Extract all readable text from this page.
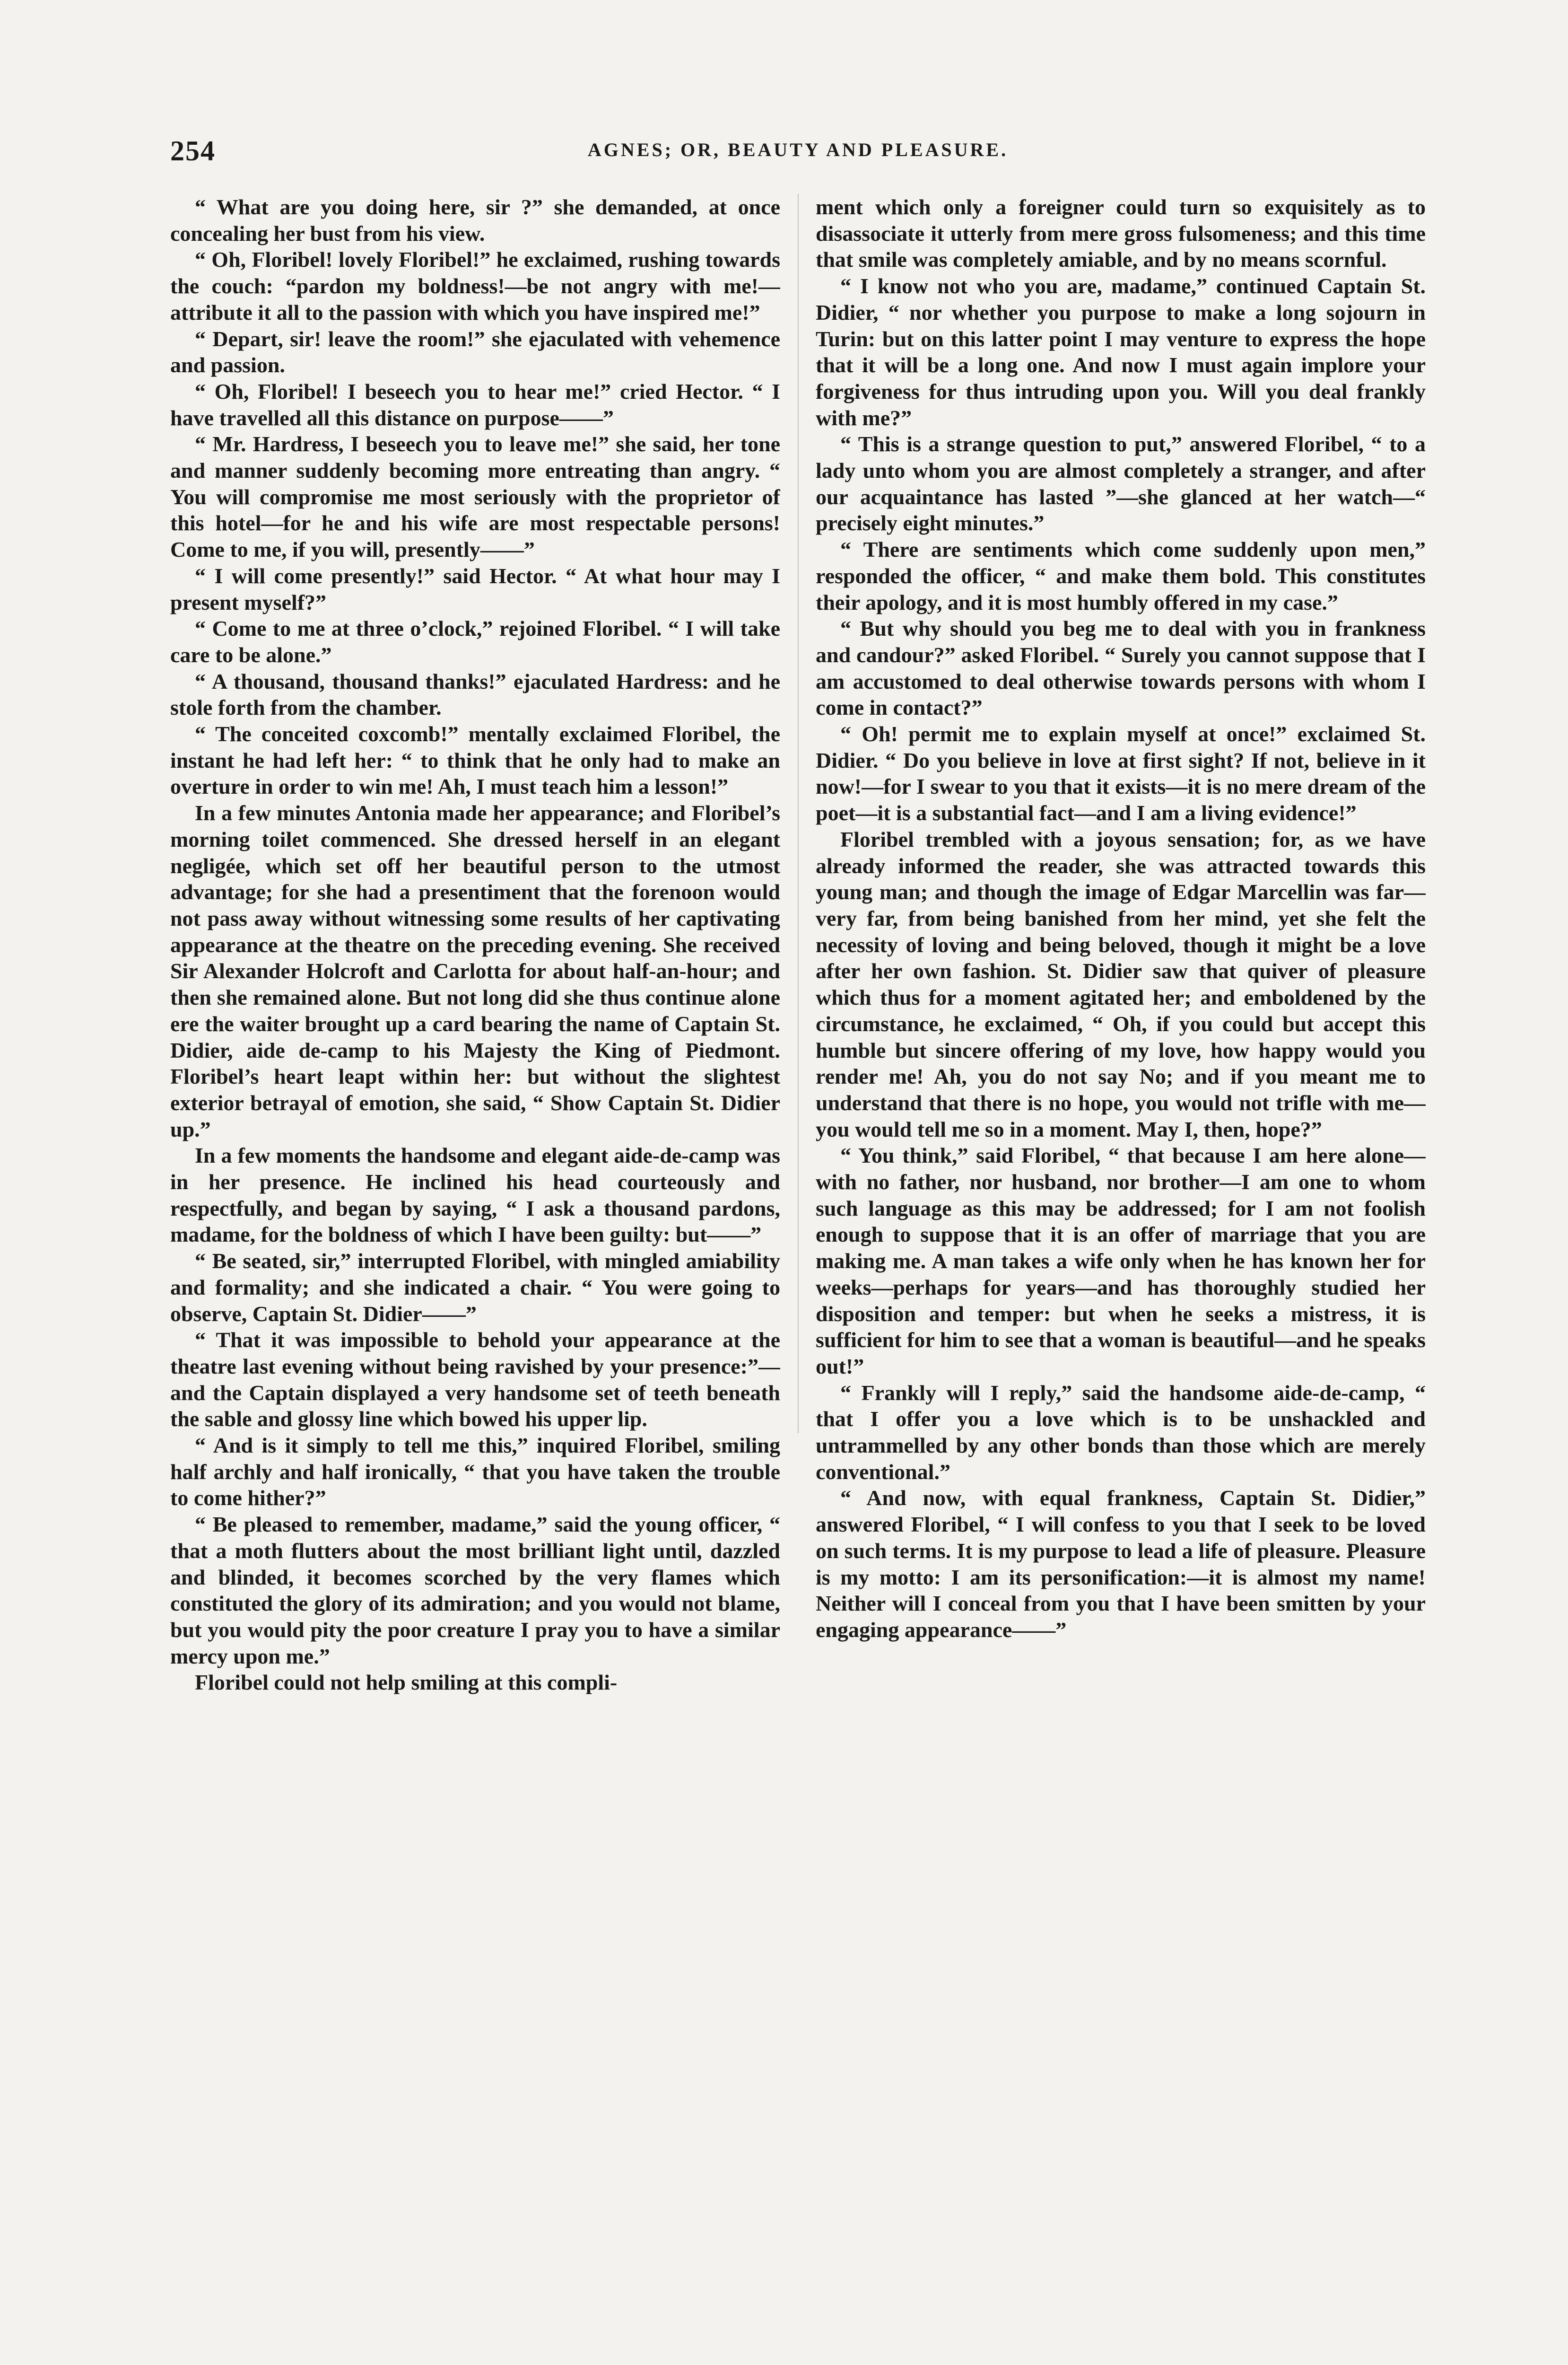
254	AGNES; OR, BEAUTY AND PLEASURE.

“ What are you doing here, sir ?” she demanded, at once concealing her bust from his view.

“ Oh, Floribel! lovely Floribel!” he exclaimed, rushing towards the couch: “pardon my boldness!—be not angry with me!—attribute it all to the passion with which you have inspired me!”

“ Depart, sir! leave the room!” she ejaculated with vehemence and passion.

“ Oh, Floribel! I beseech you to hear me!” cried Hector. “ I have travelled all this distance on purpose——”

“ Mr. Hardress, I beseech you to leave me!” she said, her tone and manner suddenly becoming more entreating than angry. “ You will compromise me most seriously with the proprietor of this hotel—for he and his wife are most respectable persons! Come to me, if you will, presently——”

“ I will come presently!” said Hector. “ At what hour may I present myself?”

“ Come to me at three o’clock,” rejoined Floribel. “ I will take care to be alone.”

“ A thousand, thousand thanks!” ejaculated Hardress: and he stole forth from the chamber.

“ The conceited coxcomb!” mentally exclaimed Floribel, the instant he had left her: “ to think that he only had to make an overture in order to win me! Ah, I must teach him a lesson!”

In a few minutes Antonia made her appearance; and Floribel’s morning toilet commenced. She dressed herself in an elegant negligée, which set off her beautiful person to the utmost advantage; for she had a presentiment that the forenoon would not pass away without witnessing some results of her captivating appearance at the theatre on the preceding evening. She received Sir Alexander Holcroft and Carlotta for about half-an-hour; and then she remained alone. But not long did she thus continue alone ere the waiter brought up a card bearing the name of Captain St. Didier, aide de-camp to his Majesty the King of Piedmont. Floribel’s heart leapt within her: but without the slightest exterior betrayal of emotion, she said, “ Show Captain St. Didier up.”

In a few moments the handsome and elegant aide-de-camp was in her presence. He inclined his head courteously and respectfully, and began by saying, “ I ask a thousand pardons, madame, for the boldness of which I have been guilty: but——”

“ Be seated, sir,” interrupted Floribel, with mingled amiability and formality; and she indicated a chair. “ You were going to observe, Captain St. Didier——”

“ That it was impossible to behold your appearance at the theatre last evening without being ravished by your presence:”—and the Captain displayed a very handsome set of teeth beneath the sable and glossy line which bowed his upper lip.

“ And is it simply to tell me this,” inquired Floribel, smiling half archly and half ironically, “ that you have taken the trouble to come hither?”

“ Be pleased to remember, madame,” said the young officer, “ that a moth flutters about the most brilliant light until, dazzled and blinded, it becomes scorched by the very flames which constituted the glory of its admiration; and you would not blame, but you would pity the poor creature I pray you to have a similar mercy upon me.”

Floribel could not help smiling at this compli-

ment which only a foreigner could turn so exquisitely as to disassociate it utterly from mere gross fulsomeness; and this time that smile was completely amiable, and by no means scornful.

“ I know not who you are, madame,” continued Captain St. Didier, “ nor whether you purpose to make a long sojourn in Turin: but on this latter point I may venture to express the hope that it will be a long one. And now I must again implore your forgiveness for thus intruding upon you. Will you deal frankly with me?”

“ This is a strange question to put,” answered Floribel, “ to a lady unto whom you are almost completely a stranger, and after our acquaintance has lasted ”—she glanced at her watch—“ precisely eight minutes.”

“ There are sentiments which come suddenly upon men,” responded the officer, “ and make them bold. This constitutes their apology, and it is most humbly offered in my case.”

“ But why should you beg me to deal with you in frankness and candour?” asked Floribel. “ Surely you cannot suppose that I am accustomed to deal otherwise towards persons with whom I come in contact?”

“ Oh! permit me to explain myself at once!” exclaimed St. Didier. “ Do you believe in love at first sight? If not, believe in it now!—for I swear to you that it exists—it is no mere dream of the poet—it is a substantial fact—and I am a living evidence!”

Floribel trembled with a joyous sensation; for, as we have already informed the reader, she was attracted towards this young man; and though the image of Edgar Marcellin was far—very far, from being banished from her mind, yet she felt the necessity of loving and being beloved, though it might be a love after her own fashion. St. Didier saw that quiver of pleasure which thus for a moment agitated her; and emboldened by the circumstance, he exclaimed, “ Oh, if you could but accept this humble but sincere offering of my love, how happy would you render me! Ah, you do not say No; and if you meant me to understand that there is no hope, you would not trifle with me—you would tell me so in a moment. May I, then, hope?”

“ You think,” said Floribel, “ that because I am here alone—with no father, nor husband, nor brother—I am one to whom such language as this may be addressed; for I am not foolish enough to suppose that it is an offer of marriage that you are making me. A man takes a wife only when he has known her for weeks—perhaps for years—and has thoroughly studied her disposition and temper: but when he seeks a mistress, it is sufficient for him to see that a woman is beautiful—and he speaks out!”

“ Frankly will I reply,” said the handsome aide-de-camp, “ that I offer you a love which is to be unshackled and untrammelled by any other bonds than those which are merely conventional.”

“ And now, with equal frankness, Captain St. Didier,” answered Floribel, “ I will confess to you that I seek to be loved on such terms. It is my purpose to lead a life of pleasure. Pleasure is my motto: I am its personification:—it is almost my name! Neither will I conceal from you that I have been smitten by your engaging appearance——”
